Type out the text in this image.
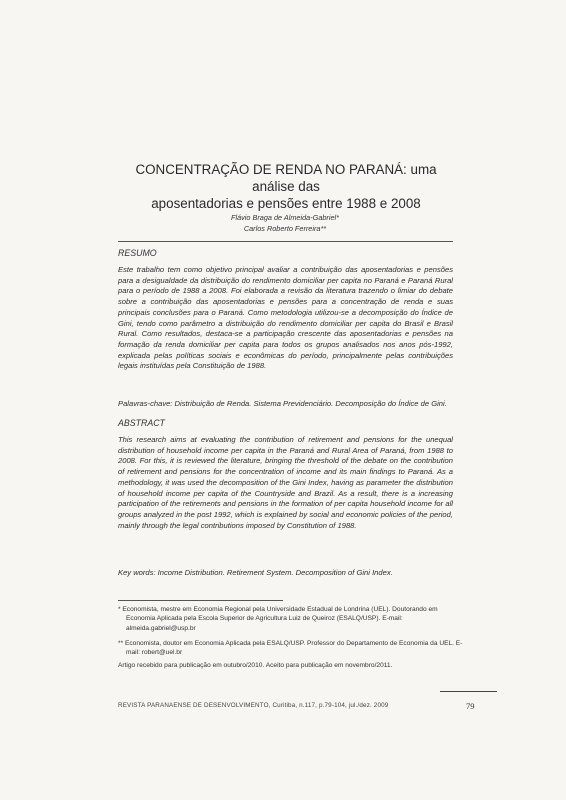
CONCENTRAÇÃO DE RENDA NO PARANÁ: uma análise das
aposentadorias e pensões entre 1988 e 2008
Flávio Braga de Almeida-Gabriel*
Carlos Roberto Ferreira**
RESUMO

Este trabalho tem como objetivo principal avaliar a contribuição das aposentadorias e pensões para a desigualdade da distribuição do rendimento domiciliar per capita no Paraná e Paraná Rural para o período de 1988 a 2008. Foi elaborada a revisão da literatura trazendo o limiar do debate sobre a contribuição das aposentadorias e pensões para a concentração de renda e suas principais conclusões para o Paraná. Como metodologia utilizou-se a decomposição do Índice de Gini, tendo como parâmetro a distribuição do rendimento domiciliar per capita do Brasil e Brasil Rural. Como resultados, destaca-se a participação crescente das aposentadorias e pensões na formação da renda domiciliar per capita para todos os grupos analisados nos anos pós-1992, explicada pelas políticas sociais e econômicas do período, principalmente pelas contribuições legais instituídas pela Constituição de 1988.

Palavras-chave: Distribuição de Renda. Sistema Previdenciário. Decomposição do Índice de Gini.

ABSTRACT

This research aims at evaluating the contribution of retirement and pensions for the unequal distribution of household income per capita in the Paraná and Rural Area of Paraná, from 1988 to 2008. For this, it is reviewed the literature, bringing the threshold of the debate on the contribution of retirement and pensions for the concentration of income and its main findings to Paraná. As a methodology, it was used the decomposition of the Gini Index, having as parameter the distribution of household income per capita of the Countryside and Brazil. As a result, there is a increasing participation of the retirements and pensions in the formation of per capita household income for all groups analyzed in the post 1992, which is explained by social and economic policies of the period, mainly through the legal contributions imposed by Constitution of 1988.

Key words: Income Distribution. Retirement System. Decomposition of Gini Index.

* Economista, mestre em Economia Regional pela Universidade Estadual de Londrina (UEL). Doutorando em Economia Aplicada pela Escola Superior de Agricultura Luiz de Queiroz (ESALQ/USP). E-mail: almeida.gabriel@usp.br

** Economista, doutor em Economia Aplicada pela ESALQ/USP. Professor do Departamento de Economia da UEL. E-mail: robert@uel.br

Artigo recebido para publicação em outubro/2010. Aceito para publicação em novembro/2011.

REVISTA PARANAENSE DE DESENVOLVIMENTO, Curitiba, n.117, p.79-104, jul./dez. 2009	79
